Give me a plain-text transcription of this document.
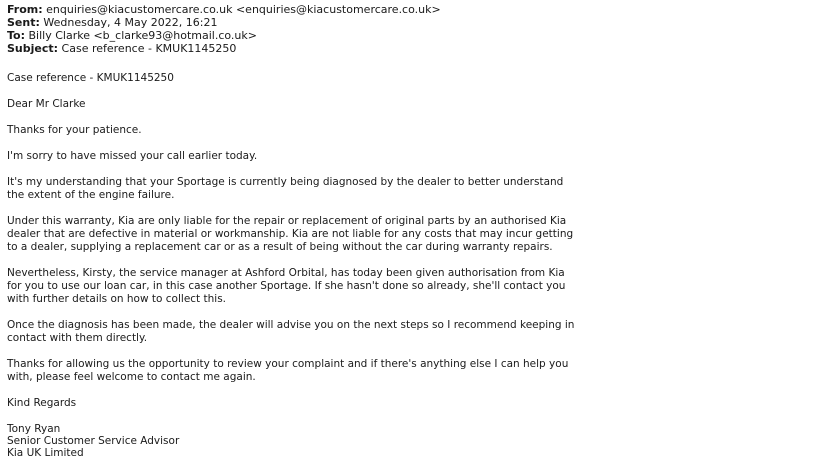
From: enquiries@kiacustomercare.co.uk <enquiries@kiacustomercare.co.uk>
Sent: Wednesday, 4 May 2022, 16:21
To: Billy Clarke <b_clarke93@hotmail.co.uk>
Subject: Case reference - KMUK1145250

Case reference - KMUK1145250

Dear Mr Clarke

Thanks for your patience.

I'm sorry to have missed your call earlier today.

It's my understanding that your Sportage is currently being diagnosed by the dealer to better understand the extent of the engine failure.

Under this warranty, Kia are only liable for the repair or replacement of original parts by an authorised Kia dealer that are defective in material or workmanship. Kia are not liable for any costs that may incur getting to a dealer, supplying a replacement car or as a result of being without the car during warranty repairs.

Nevertheless, Kirsty, the service manager at Ashford Orbital, has today been given authorisation from Kia for you to use our loan car, in this case another Sportage. If she hasn't done so already, she'll contact you with further details on how to collect this.

Once the diagnosis has been made, the dealer will advise you on the next steps so I recommend keeping in contact with them directly.

Thanks for allowing us the opportunity to review your complaint and if there's anything else I can help you with, please feel welcome to contact me again.

Kind Regards

Tony Ryan

Senior Customer Service Advisor

Kia UK Limited
